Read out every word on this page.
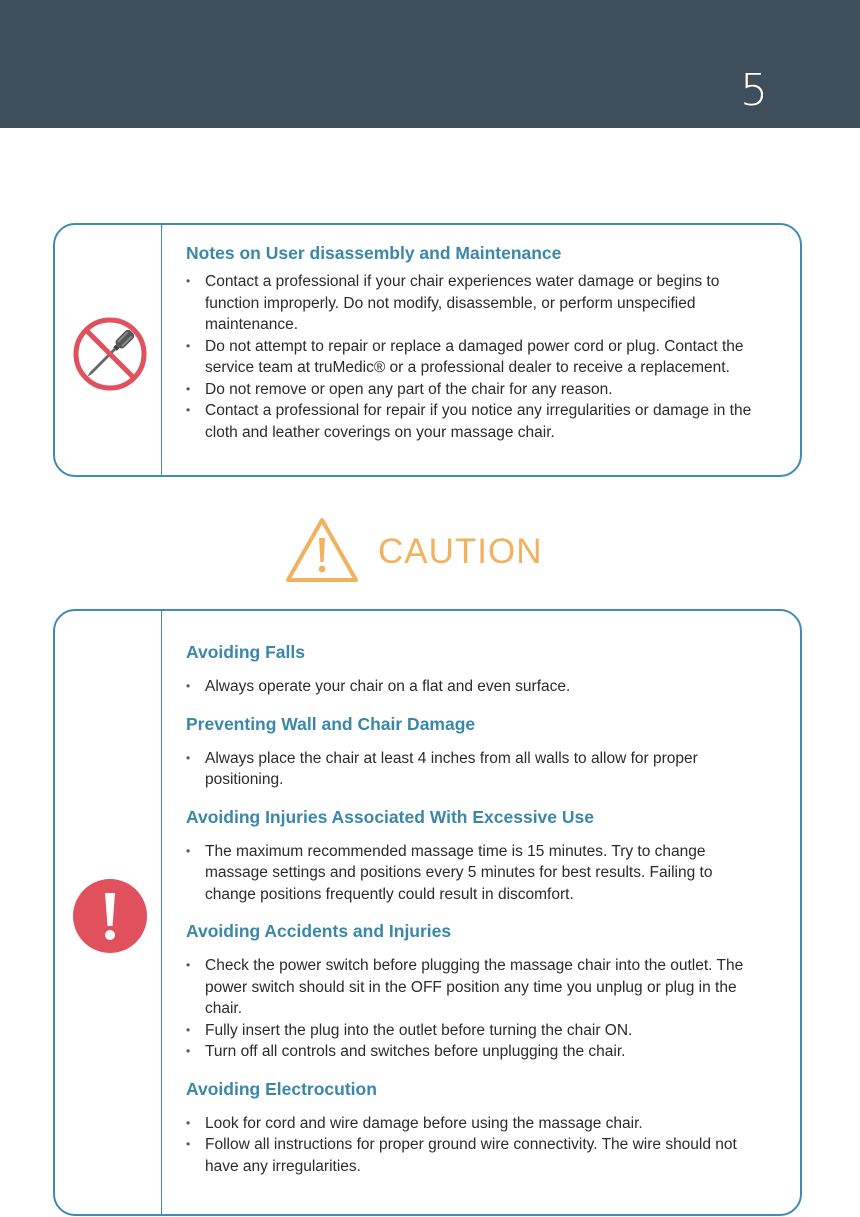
5
Notes on User disassembly and Maintenance
• Contact a professional if your chair experiences water damage or begins to function improperly. Do not modify, disassemble, or perform unspecified maintenance.
• Do not attempt to repair or replace a damaged power cord or plug. Contact the service team at truMedic® or a professional dealer to receive a replacement.
• Do not remove or open any part of the chair for any reason.
• Contact a professional for repair if you notice any irregularities or damage in the cloth and leather coverings on your massage chair.
CAUTION
Avoiding Falls
• Always operate your chair on a flat and even surface.
Preventing Wall and Chair Damage
• Always place the chair at least 4 inches from all walls to allow for proper positioning.
Avoiding Injuries Associated With Excessive Use
• The maximum recommended massage time is 15 minutes. Try to change massage settings and positions every 5 minutes for best results. Failing to change positions frequently could result in discomfort.
Avoiding Accidents and Injuries
• Check the power switch before plugging the massage chair into the outlet. The power switch should sit in the OFF position any time you unplug or plug in the chair.
• Fully insert the plug into the outlet before turning the chair ON.
• Turn off all controls and switches before unplugging the chair.
Avoiding Electrocution
• Look for cord and wire damage before using the massage chair.
• Follow all instructions for proper ground wire connectivity. The wire should not have any irregularities.
